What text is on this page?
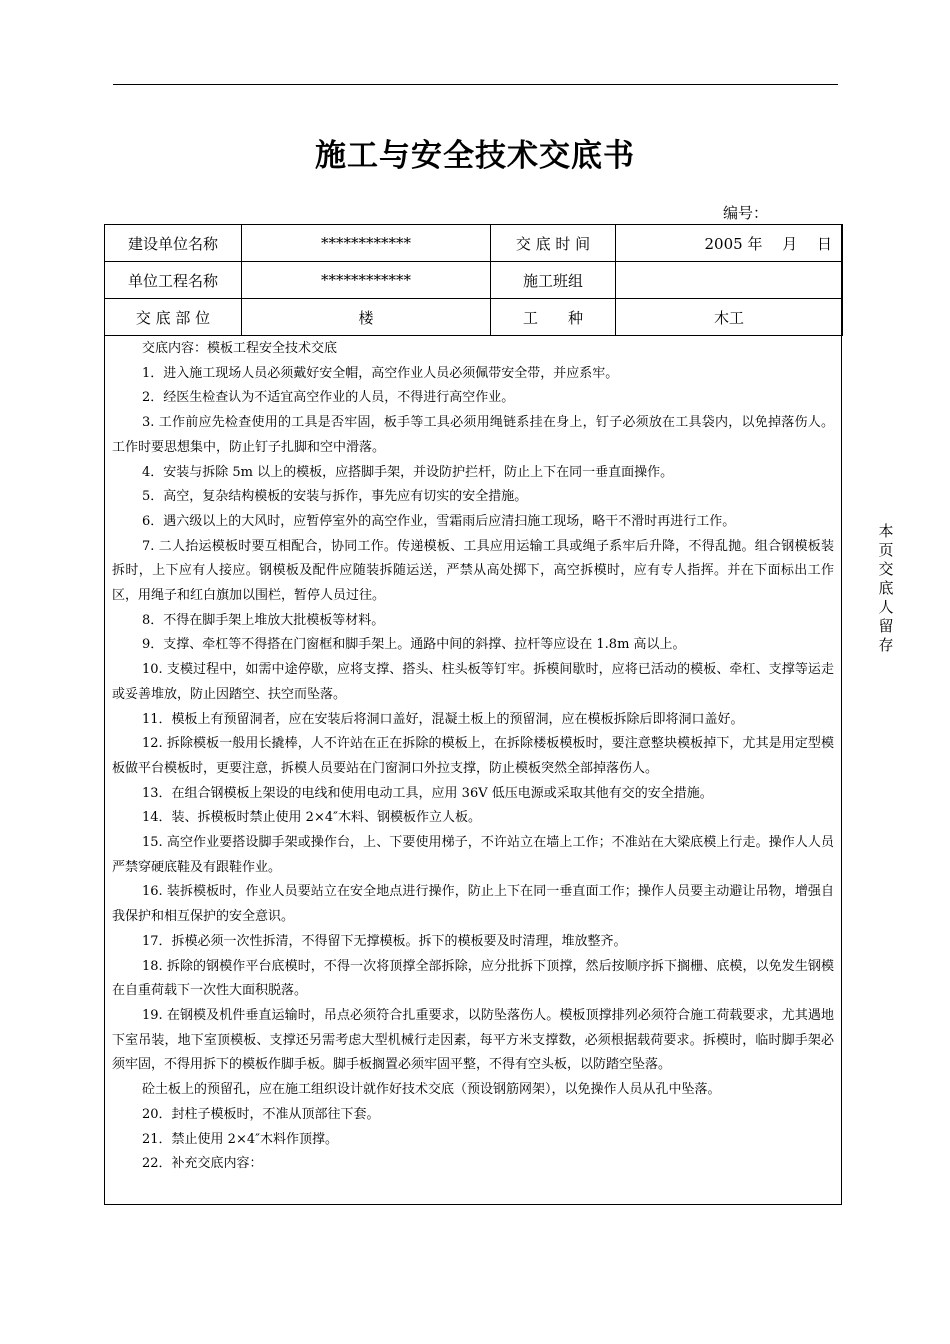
施工与安全技术交底书
编号：
建设单位名称	************	交 底 时 间	2005 年　 月　 日
单位工程名称	************	施工班组	
交 底 部 位	楼	工　　种	木工

交底内容：模板工程安全技术交底

1．进入施工现场人员必须戴好安全帽，高空作业人员必须佩带安全带，并应系牢。

2．经医生检查认为不适宜高空作业的人员，不得进行高空作业。

3. 工作前应先检查使用的工具是否牢固，板手等工具必须用绳链系挂在身上，钉子必须放在工具袋内，以免掉落伤人。工作时要思想集中，防止钉子扎脚和空中滑落。

4．安装与拆除 5m 以上的模板，应搭脚手架，并设防护拦杆，防止上下在同一垂直面操作。

5．高空，复杂结构模板的安装与拆作，事先应有切实的安全措施。

6．遇六级以上的大风时，应暂停室外的高空作业，雪霜雨后应清扫施工现场，略干不滑时再进行工作。

7. 二人抬运模板时要互相配合，协同工作。传递模板、工具应用运输工具或绳子系牢后升降，不得乱抛。组合钢模板装拆时，上下应有人接应。钢模板及配件应随装拆随运送，严禁从高处掷下，高空拆模时，应有专人指挥。并在下面标出工作区，用绳子和红白旗加以围栏，暂停人员过往。

8．不得在脚手架上堆放大批模板等材料。

9．支撑、牵杠等不得搭在门窗框和脚手架上。通路中间的斜撑、拉杆等应设在 1.8m 高以上。

10. 支模过程中，如需中途停歇，应将支撑、搭头、柱头板等钉牢。拆模间歇时，应将已活动的模板、牵杠、支撑等运走或妥善堆放，防止因踏空、扶空而坠落。

11．模板上有预留洞者，应在安装后将洞口盖好，混凝土板上的预留洞，应在模板拆除后即将洞口盖好。

12. 拆除模板一般用长撬棒，人不许站在正在拆除的模板上，在拆除楼板模板时，要注意整块模板掉下，尤其是用定型模板做平台模板时，更要注意，拆模人员要站在门窗洞口外拉支撑，防止模板突然全部掉落伤人。

13．在组合钢模板上架设的电线和使用电动工具，应用 36V 低压电源或采取其他有交的安全措施。

14．装、拆模板时禁止使用 2×4″木料、钢模板作立人板。

15. 高空作业要搭设脚手架或操作台，上、下要使用梯子，不许站立在墙上工作；不准站在大梁底模上行走。操作人人员严禁穿硬底鞋及有跟鞋作业。

16. 装拆模板时，作业人员要站立在安全地点进行操作，防止上下在同一垂直面工作；操作人员要主动避让吊物，增强自我保护和相互保护的安全意识。

17．拆模必须一次性拆清，不得留下无撑模板。拆下的模板要及时清理，堆放整齐。

18. 拆除的钢模作平台底模时，不得一次将顶撑全部拆除，应分批拆下顶撑，然后按顺序拆下搁栅、底模，以免发生钢模在自重荷载下一次性大面积脱落。

19. 在钢模及机件垂直运输时，吊点必须符合扎重要求，以防坠落伤人。模板顶撑排列必须符合施工荷载要求，尤其遇地下室吊装，地下室顶模板、支撑还另需考虑大型机械行走因素，每平方米支撑数，必须根据载荷要求。拆模时，临时脚手架必须牢固，不得用拆下的模板作脚手板。脚手板搁置必须牢固平整，不得有空头板，以防踏空坠落。

砼土板上的预留孔，应在施工组织设计就作好技术交底（预设钢筋网架），以免操作人员从孔中坠落。

20．封柱子模板时，不准从顶部往下套。

21．禁止使用 2×4″木料作顶撑。

22．补充交底内容：

本页交底人留存
